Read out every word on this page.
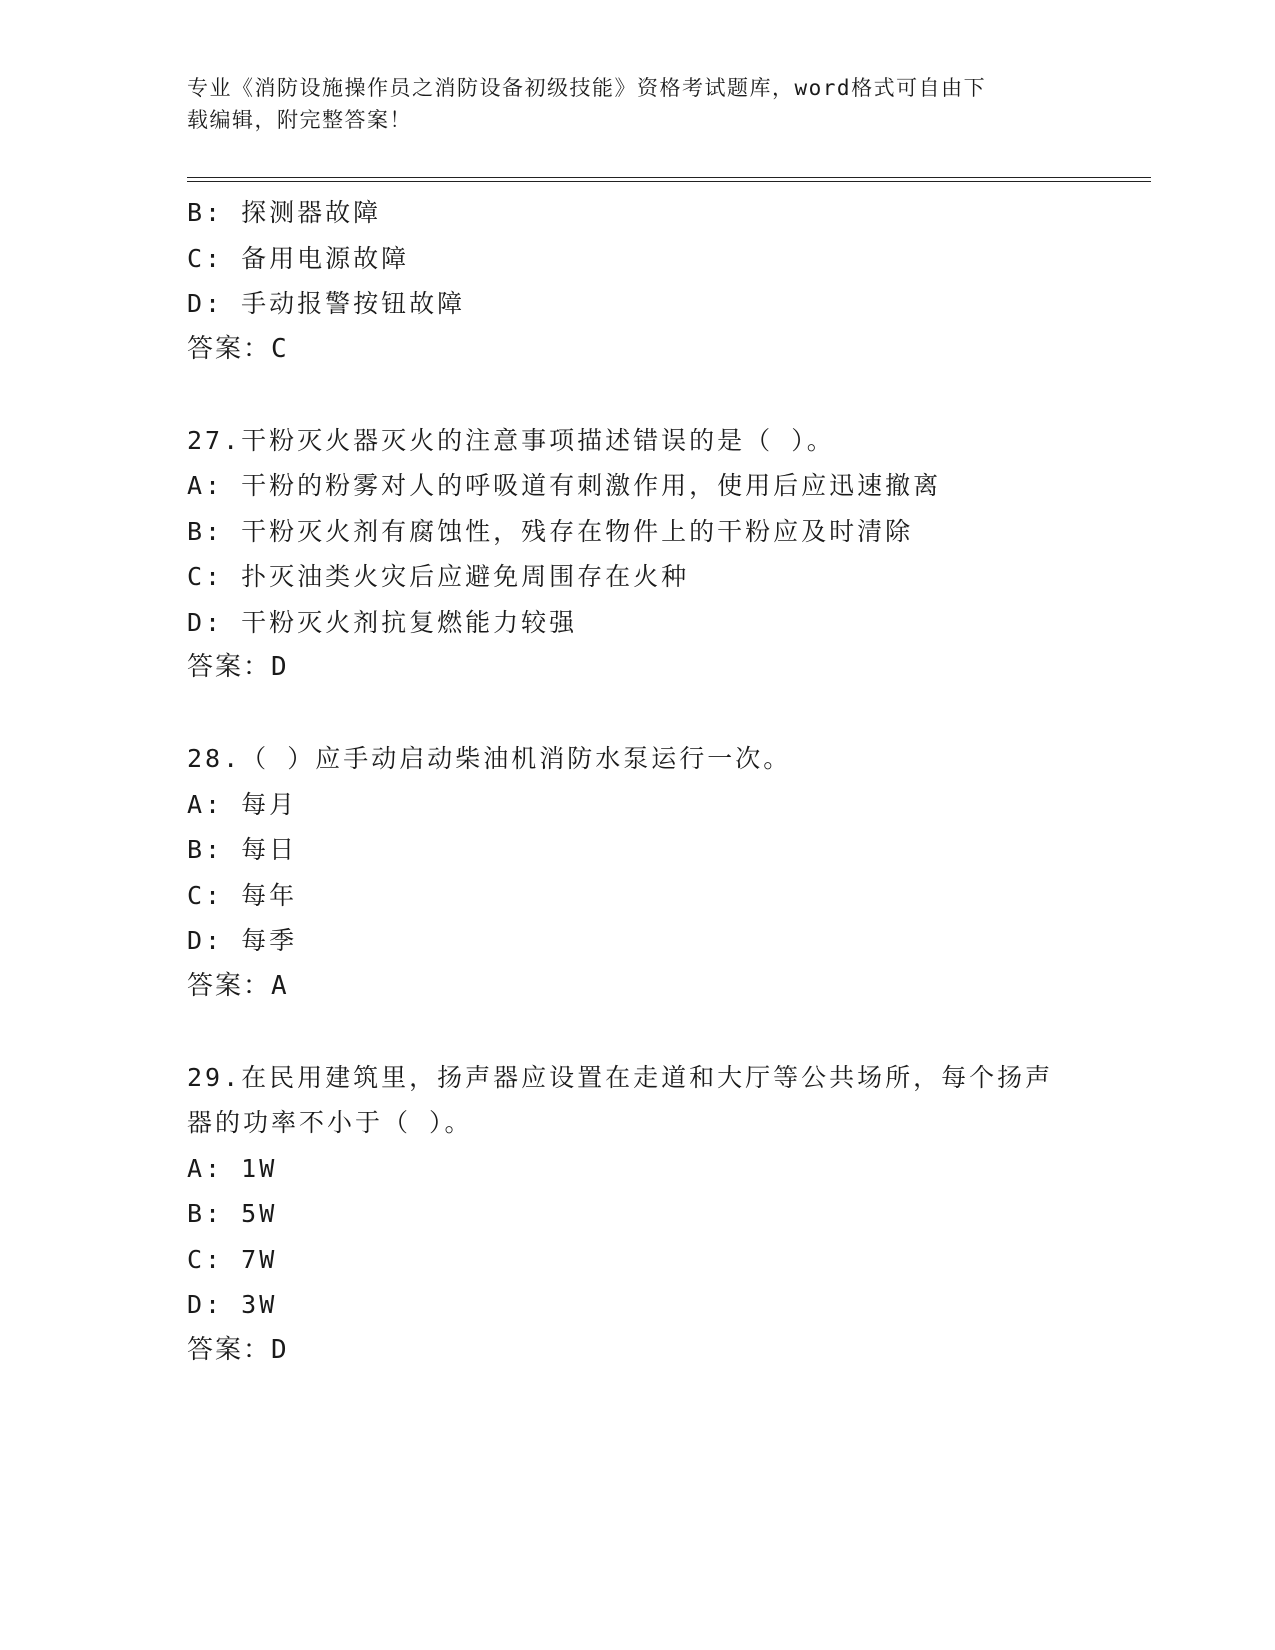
专业《消防设施操作员之消防设备初级技能》资格考试题库，word格式可自由下
载编辑，附完整答案！
B: 探测器故障
C: 备用电源故障
D: 手动报警按钮故障
答案：C
27.干粉灭火器灭火的注意事项描述错误的是（ ）。
A: 干粉的粉雾对人的呼吸道有刺激作用，使用后应迅速撤离
B: 干粉灭火剂有腐蚀性，残存在物件上的干粉应及时清除
C: 扑灭油类火灾后应避免周围存在火种
D: 干粉灭火剂抗复燃能力较强
答案：D
28.（ ）应手动启动柴油机消防水泵运行一次。
A: 每月
B: 每日
C: 每年
D: 每季
答案：A
29.在民用建筑里，扬声器应设置在走道和大厅等公共场所，每个扬声
器的功率不小于（ ）。
A: 1W
B: 5W
C: 7W
D: 3W
答案：D
